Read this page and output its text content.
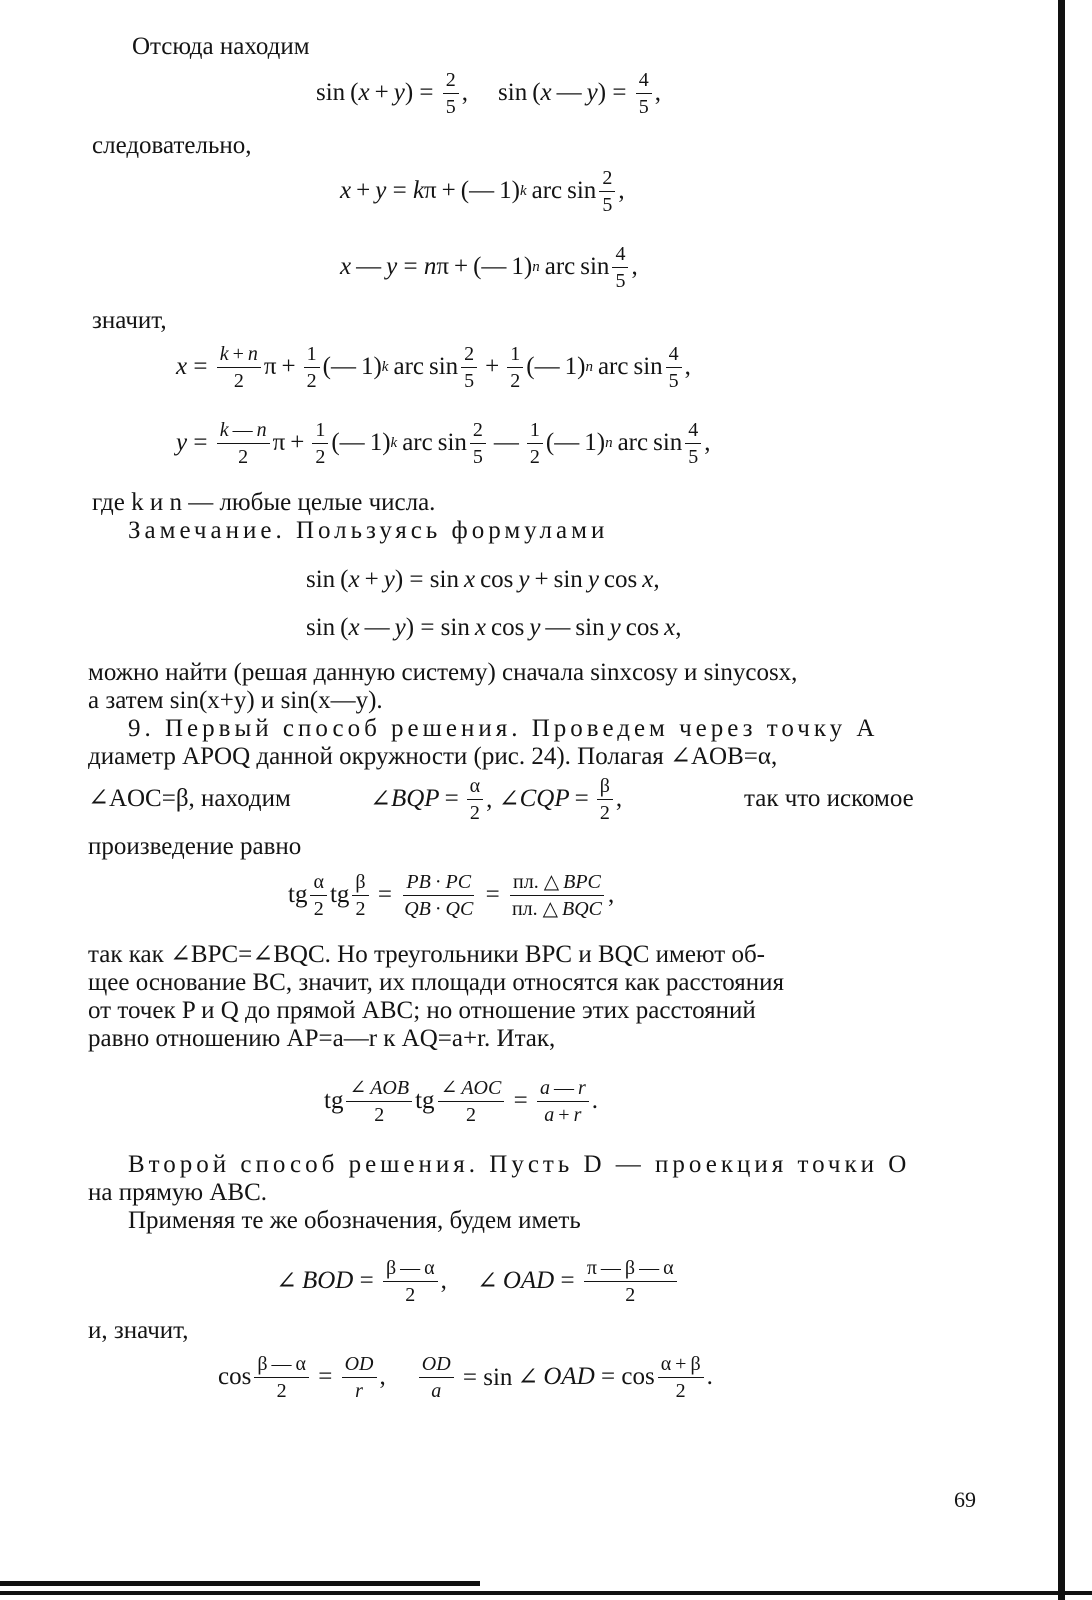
Отсюда находим
sin ( x  +  y ) = $\frac{2}{5}$ , sin ( x  —  y ) = $\frac{4}{5}$ ,
следовательно,
x  +  y = k π + (— 1) k  arc $\sin \frac{2}{5}$ ,
x  —  y = n π + (— 1) n  arc $\sin \frac{4}{5}$ ,
значит,
$x = \frac{k + n}{2}$ $\pi + \frac{1}{2}$ (— 1) k  arc $\sin \frac{2}{5} + \frac{1}{2}$ (— 1) n  arc $\sin \frac{4}{5}$ ,
$y = \frac{k — n}{2}$ $\pi + \frac{1}{2}$ (— 1) k  arc $\sin \frac{2}{5}$  —  $\frac{1}{2}$ (— 1) n  arc $\sin \frac{4}{5}$ ,
где k и n — любые целые числа.
Замечание. Пользуясь формулами
sin ( x  +  y ) = sin  x  cos  y  + sin  y  cos  x ,
sin ( x  —  y ) = sin  x  cos  y  — sin  y  cos  x ,
можно найти (решая данную систему) сначала sinxcosy и sinycosx,
а затем sin(x+y) и sin(x—y).
9. Первый способ решения. Проведем через точку A
диаметр APOQ данной окружности (рис. 24). Полагая ∠AOB=α,
∠AOC=β, находим	∠ BQP  =  $\frac{\alpha}{2}$ , ∠ CQP  =  $\frac{\beta}{2}$ ,	так что искомое
произведение равно
tg $\frac{\alpha}{2}$ tg $\frac{\beta}{2} = \frac{PB \cdot PC}{QB \cdot QC} = \frac{\text{пл. △ BPC}}{\text{пл. △ BQC}}$ ,
так как ∠BPC=∠BQC. Но треугольники BPC и BQC имеют об-
щее основание BC, значит, их площади относятся как расстояния
от точек P и Q до прямой ABC; но отношение этих расстояний
равно отношению AP=a—r к AQ=a+r. Итак,
tg $\frac{\text{∠ AOB}}{2}$ tg $\frac{\text{∠ AOC}}{2} = \frac{a — r}{a + r}$ .
Второй способ решения. Пусть D — проекция точки O
на прямую ABC.
Применяя те же обозначения, будем иметь
∠  BOD = $\frac{\beta — \alpha}{2}$ , ∠  OAD = $\frac{\pi — \beta — \alpha}{2}$
и, значит,
$\cos \frac{\beta — \alpha}{2} = \frac{OD}{r}$ , $\frac{OD}{a} = \sin$ ∠  OAD = $\cos \frac{\alpha + \beta}{2}$ .
69
